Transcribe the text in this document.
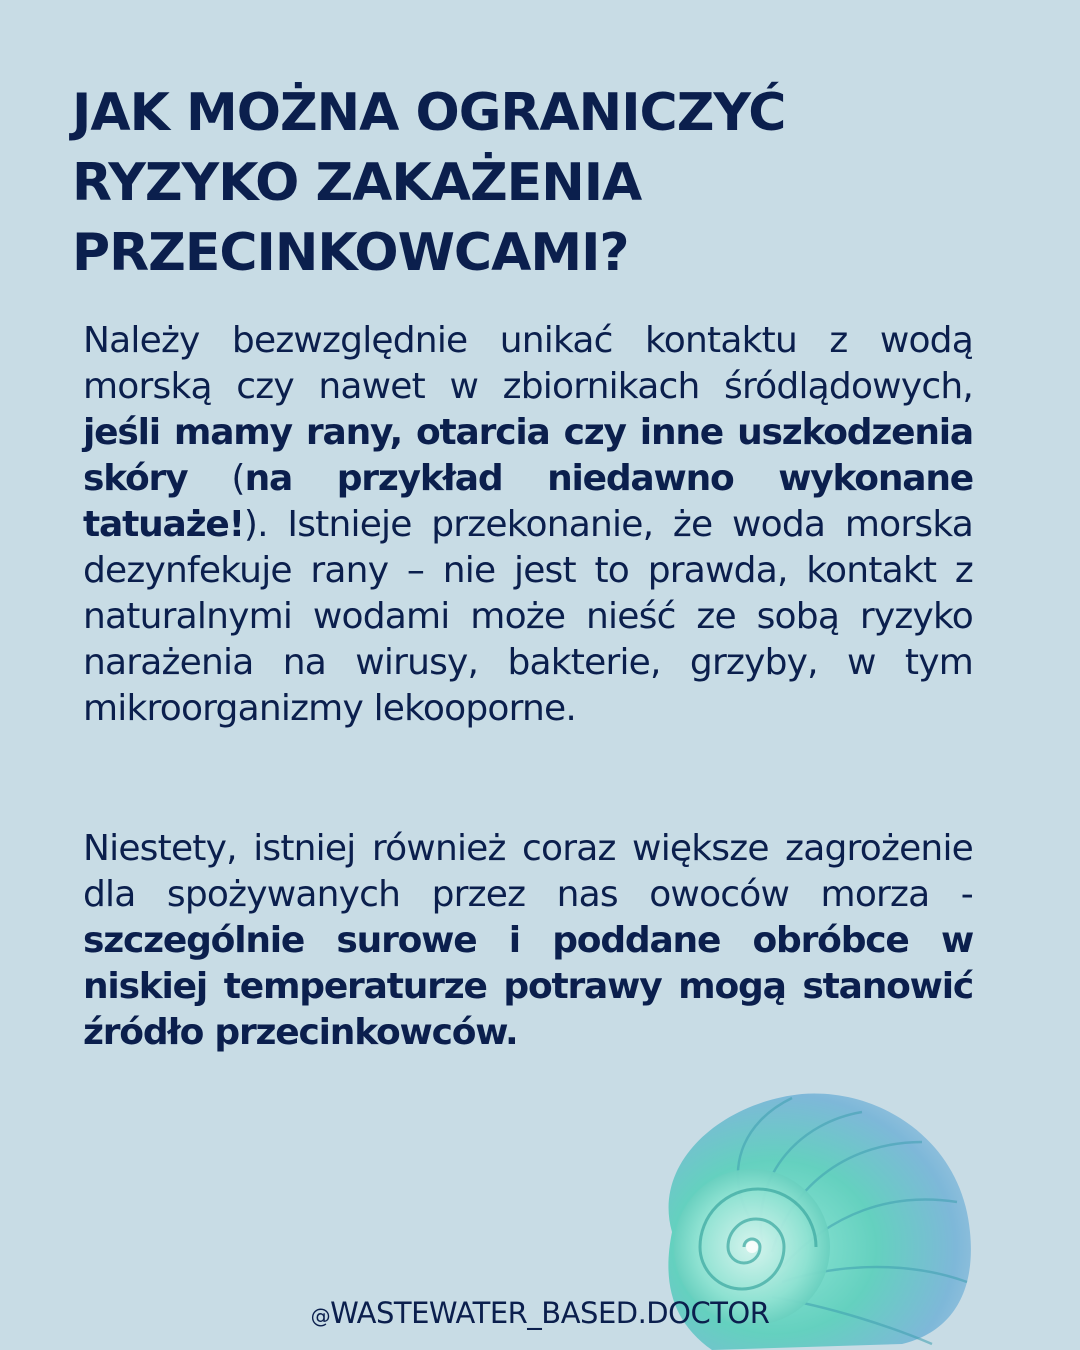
JAK MOŻNA OGRANICZYĆ
RYZYKO ZAKAŻENIA
PRZECINKOWCAMI?

Należy bezwzględnie unikać kontaktu z wodą morską czy nawet w zbiornikach śródlądowych, jeśli mamy rany, otarcia czy inne uszkodzenia skóry (na przykład niedawno wykonane tatuaże!). Istnieje przekonanie, że woda morska dezynfekuje rany – nie jest to prawda, kontakt z naturalnymi wodami może nieść ze sobą ryzyko narażenia na wirusy, bakterie, grzyby, w tym mikroorganizmy lekooporne.

Niestety, istniej również coraz większe zagrożenie dla spożywanych przez nas owoców morza - szczególnie surowe i poddane obróbce w niskiej temperaturze potrawy mogą stanowić źródło przecinkowców.

@WASTEWATER_BASED.DOCTOR
